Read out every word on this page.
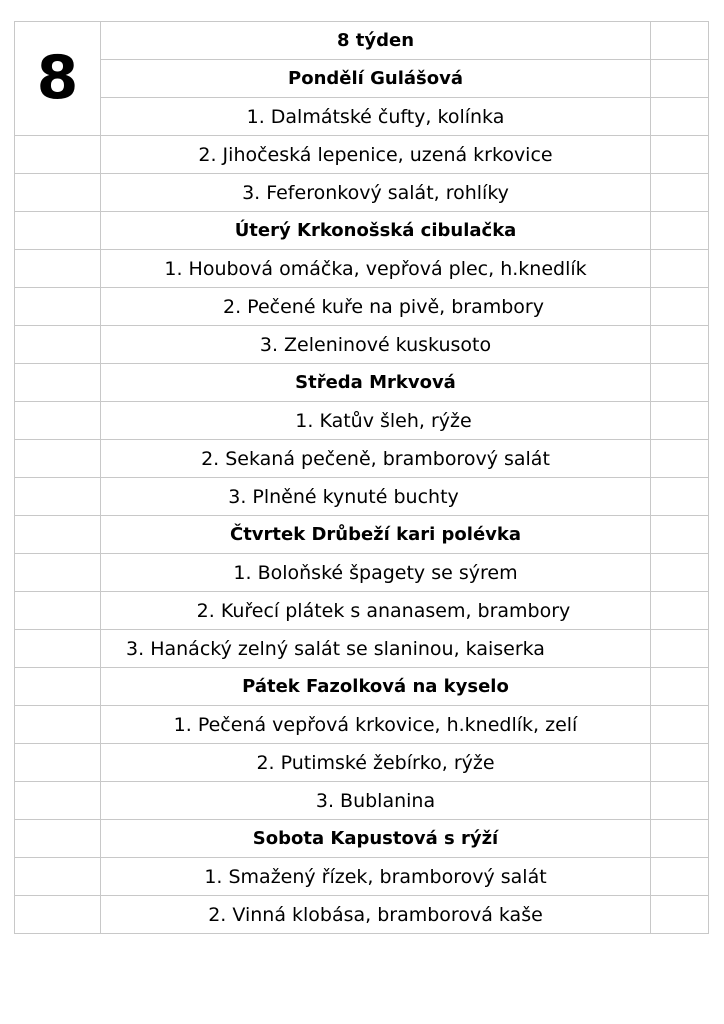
8	8 týden	
	Pondělí Gulášová	
	1. Dalmátské čufty, kolínka	
	2. Jihočeská lepenice, uzená krkovice	
	3. Feferonkový salát, rohlíky	
	Úterý Krkonošská cibulačka	
	1. Houbová omáčka, vepřová plec, h.knedlík	
	2. Pečené kuře na pivě, brambory	
	3. Zeleninové kuskusoto	
	Středa Mrkvová	
	1. Katův šleh, rýže	
	2. Sekaná pečeně, bramborový salát	
	3. Plněné kynuté buchty	
	Čtvrtek Drůbeží kari polévka	
	1. Boloňské špagety se sýrem	
	2. Kuřecí plátek s ananasem, brambory	
	3. Hanácký zelný salát se slaninou, kaiserka	
	Pátek Fazolková na kyselo	
	1. Pečená vepřová krkovice, h.knedlík, zelí	
	2. Putimské žebírko, rýže	
	3. Bublanina	
	Sobota Kapustová s rýží	
	1. Smažený řízek, bramborový salát	
	2. Vinná klobása, bramborová kaše	
